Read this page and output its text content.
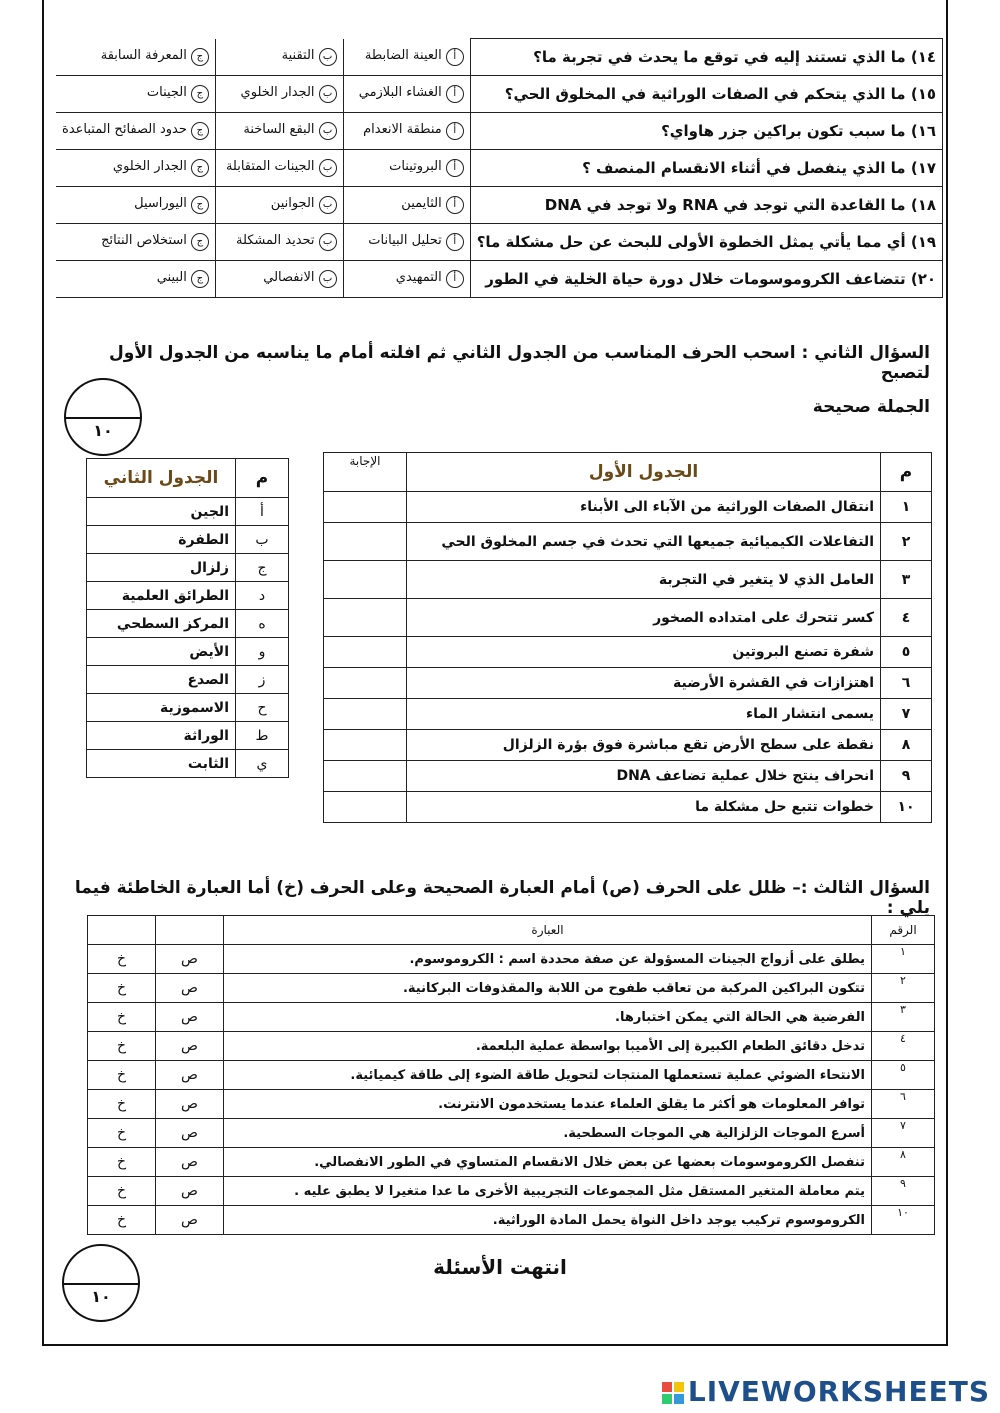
١٤) ما الذي تستند إليه في توقع ما يحدث في تجربة ما؟	أالعينة الضابطة	بالتقنية	جالمعرفة السابقة
١٥) ما الذي يتحكم في الصفات الوراثية في المخلوق الحي؟	أالغشاء البلازمي	بالجدار الخلوي	جالجينات
١٦) ما سبب تكون براكين جزر هاواي؟	أمنطقة الانعدام	بالبقع الساخنة	جحدود الصفائح المتباعدة
١٧) ما الذي ينفصل في أثناء الانقسام المنصف ؟	أالبروتينات	بالجينات المتقابلة	جالجدار الخلوي
١٨) ما القاعدة التي توجد في RNA ولا توجد في DNA	أالثايمين	بالجوانين	جاليوراسيل
١٩) أي مما يأتي يمثل الخطوة الأولى للبحث عن حل مشكلة ما؟	أتحليل البيانات	بتحديد المشكلة	جاستخلاص النتائج
٢٠) تتضاعف الكروموسومات خلال دورة حياة الخلية في الطور	أالتمهيدي	بالانفصالي	جالبيني
السؤال الثاني : اسحب الحرف المناسب من الجدول الثاني ثم افلته أمام ما يناسبه من الجدول الأول لتصبح
الجملة صحيحة
١٠
م	الجدول الأول	الإجابة
١	انتقال الصفات الوراثية من الآباء الى الأبناء	
٢	التفاعلات الكيميائية جميعها التي تحدث في جسم المخلوق الحي	
٣	العامل الذي لا يتغير في التجربة	
٤	كسر تتحرك على امتداده الصخور	
٥	شفرة تصنع البروتين	
٦	اهتزازات في القشرة الأرضية	
٧	يسمى انتشار الماء	
٨	نقطة على سطح الأرض تقع مباشرة فوق بؤرة الزلزال	
٩	انحراف ينتج خلال عملية تضاعف DNA	
١٠	خطوات تتبع حل مشكلة ما	
م	الجدول الثاني
أ	الجين
ب	الطفرة
ج	زلزال
د	الطرائق العلمية
ه	المركز السطحي
و	الأيض
ز	الصدع
ح	الاسموزية
ط	الوراثة
ي	الثابت
السؤال الثالث :– ظلل على الحرف (ص) أمام العبارة الصحيحة وعلى الحرف (خ) أما العبارة الخاطئة فيما يلي :
الرقم	العبارة		
١	يطلق على أزواج الجينات المسؤولة عن صفة محددة اسم : الكروموسوم.	ص	خ
٢	تتكون البراكين المركبة من تعاقب طفوح من اللابة والمقذوفات البركانية.	ص	خ
٣	الفرضية هي الحالة التي يمكن اختبارها.	ص	خ
٤	تدخل دقائق الطعام الكبيرة إلى الأميبا بواسطة عملية البلعمة.	ص	خ
٥	الانتحاء الضوئي عملية تستعملها المنتجات لتحويل طاقة الضوء إلى طاقة كيميائية.	ص	خ
٦	توافر المعلومات هو أكثر ما يقلق العلماء عندما يستخدمون الانترنت.	ص	خ
٧	أسرع الموجات الزلزالية هي الموجات السطحية.	ص	خ
٨	تنفصل الكروموسومات بعضها عن بعض خلال الانقسام المتساوي في الطور الانفصالي.	ص	خ
٩	يتم معاملة المتغير المستقل مثل المجموعات التجريبية الأخرى ما عدا متغيرا لا يطبق عليه .	ص	خ
١٠	الكروموسوم تركيب يوجد داخل النواة يحمل المادة الوراثية.	ص	خ
١٠
انتهت الأسئلة
LIVEWORKSHEETS
